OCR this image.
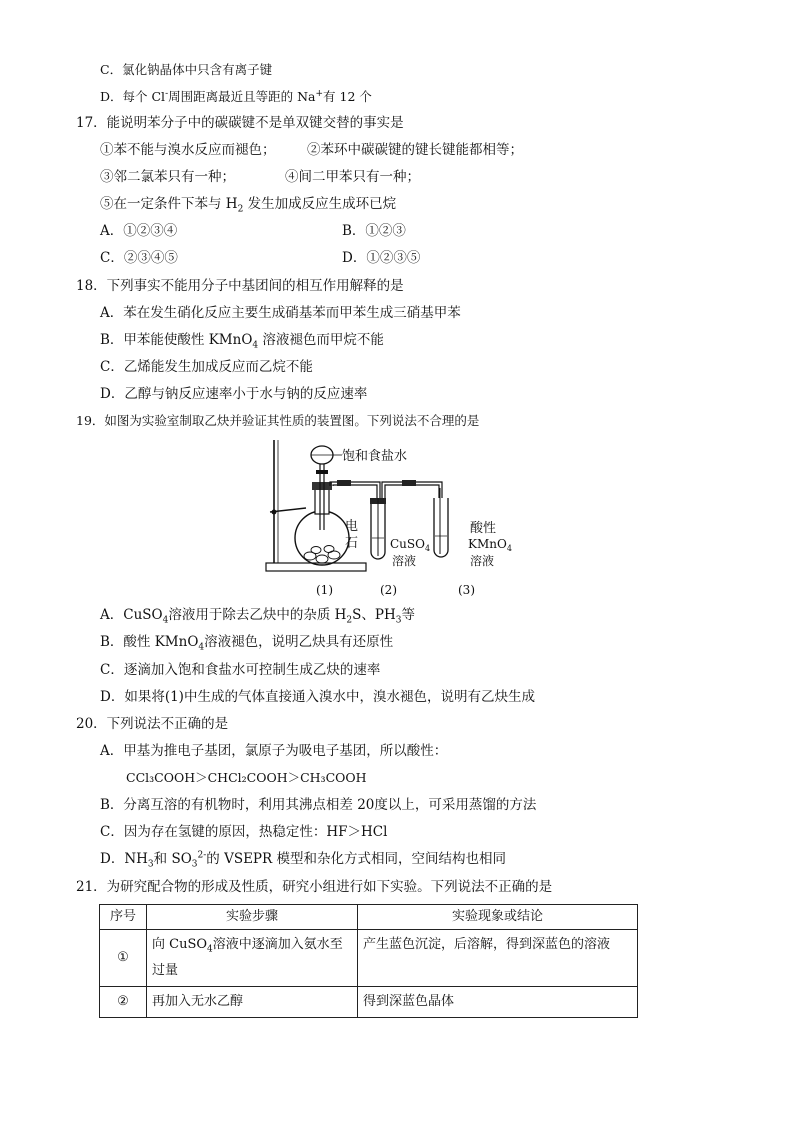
C．氯化钠晶体中只含有离子键
D．每个 Cl-周围距离最近且等距的 Na+有 12 个
17．能说明苯分子中的碳碳键不是单双键交替的事实是
①苯不能与溴水反应而褪色； ②苯环中碳碳键的键长键能都相等；
③邻二氯苯只有一种；	④间二甲苯只有一种；
⑤在一定条件下苯与 $H_2$ 发生加成反应生成环已烷
A．①②③④	B．①②③
C．②③④⑤	D．①②③⑤
18．下列事实不能用分子中基团间的相互作用解释的是
A．苯在发生硝化反应主要生成硝基苯而甲苯生成三硝基甲苯
B．甲苯能使酸性 KMnO$_4$ 溶液褪色而甲烷不能
C．乙烯能发生加成反应而乙烷不能
D．乙醇与钠反应速率小于水与钠的反应速率
19．如图为实验室制取乙炔并验证其性质的装置图。下列说法不合理的是
饱和食盐水
电
石	CuSO$_4$
溶液
酸性
KMnO$_4$
溶液
(1)	(2)	(3)
A．CuSO$_4$溶液用于除去乙炔中的杂质 $H_2S$、$PH_3$等
B．酸性 KMnO$_4$溶液褪色，说明乙炔具有还原性
C．逐滴加入饱和食盐水可控制生成乙炔的速率
D．如果将(1)中生成的气体直接通入溴水中，溴水褪色，说明有乙炔生成
20．下列说法不正确的是
A．甲基为推电子基团，氯原子为吸电子基团，所以酸性：
CCl₃COOH＞CHCl₂COOH＞CH₃COOH
B．分离互溶的有机物时，利用其沸点相差 20度以上，可采用蒸馏的方法
C．因为存在氢键的原因，热稳定性：HF＞HCl
D．$NH_3$和 $SO_3^{2-}$的 VSEPR 模型和杂化方式相同，空间结构也相同
21．为研究配合物的形成及性质，研究小组进行如下实验。下列说法不正确的是
序号	实验步骤	实验现象或结论
①	向 CuSO$_4$溶液中逐滴加入氨水至过量	产生蓝色沉淀，后溶解，得到深蓝色的溶液
②	再加入无水乙醇	得到深蓝色晶体
